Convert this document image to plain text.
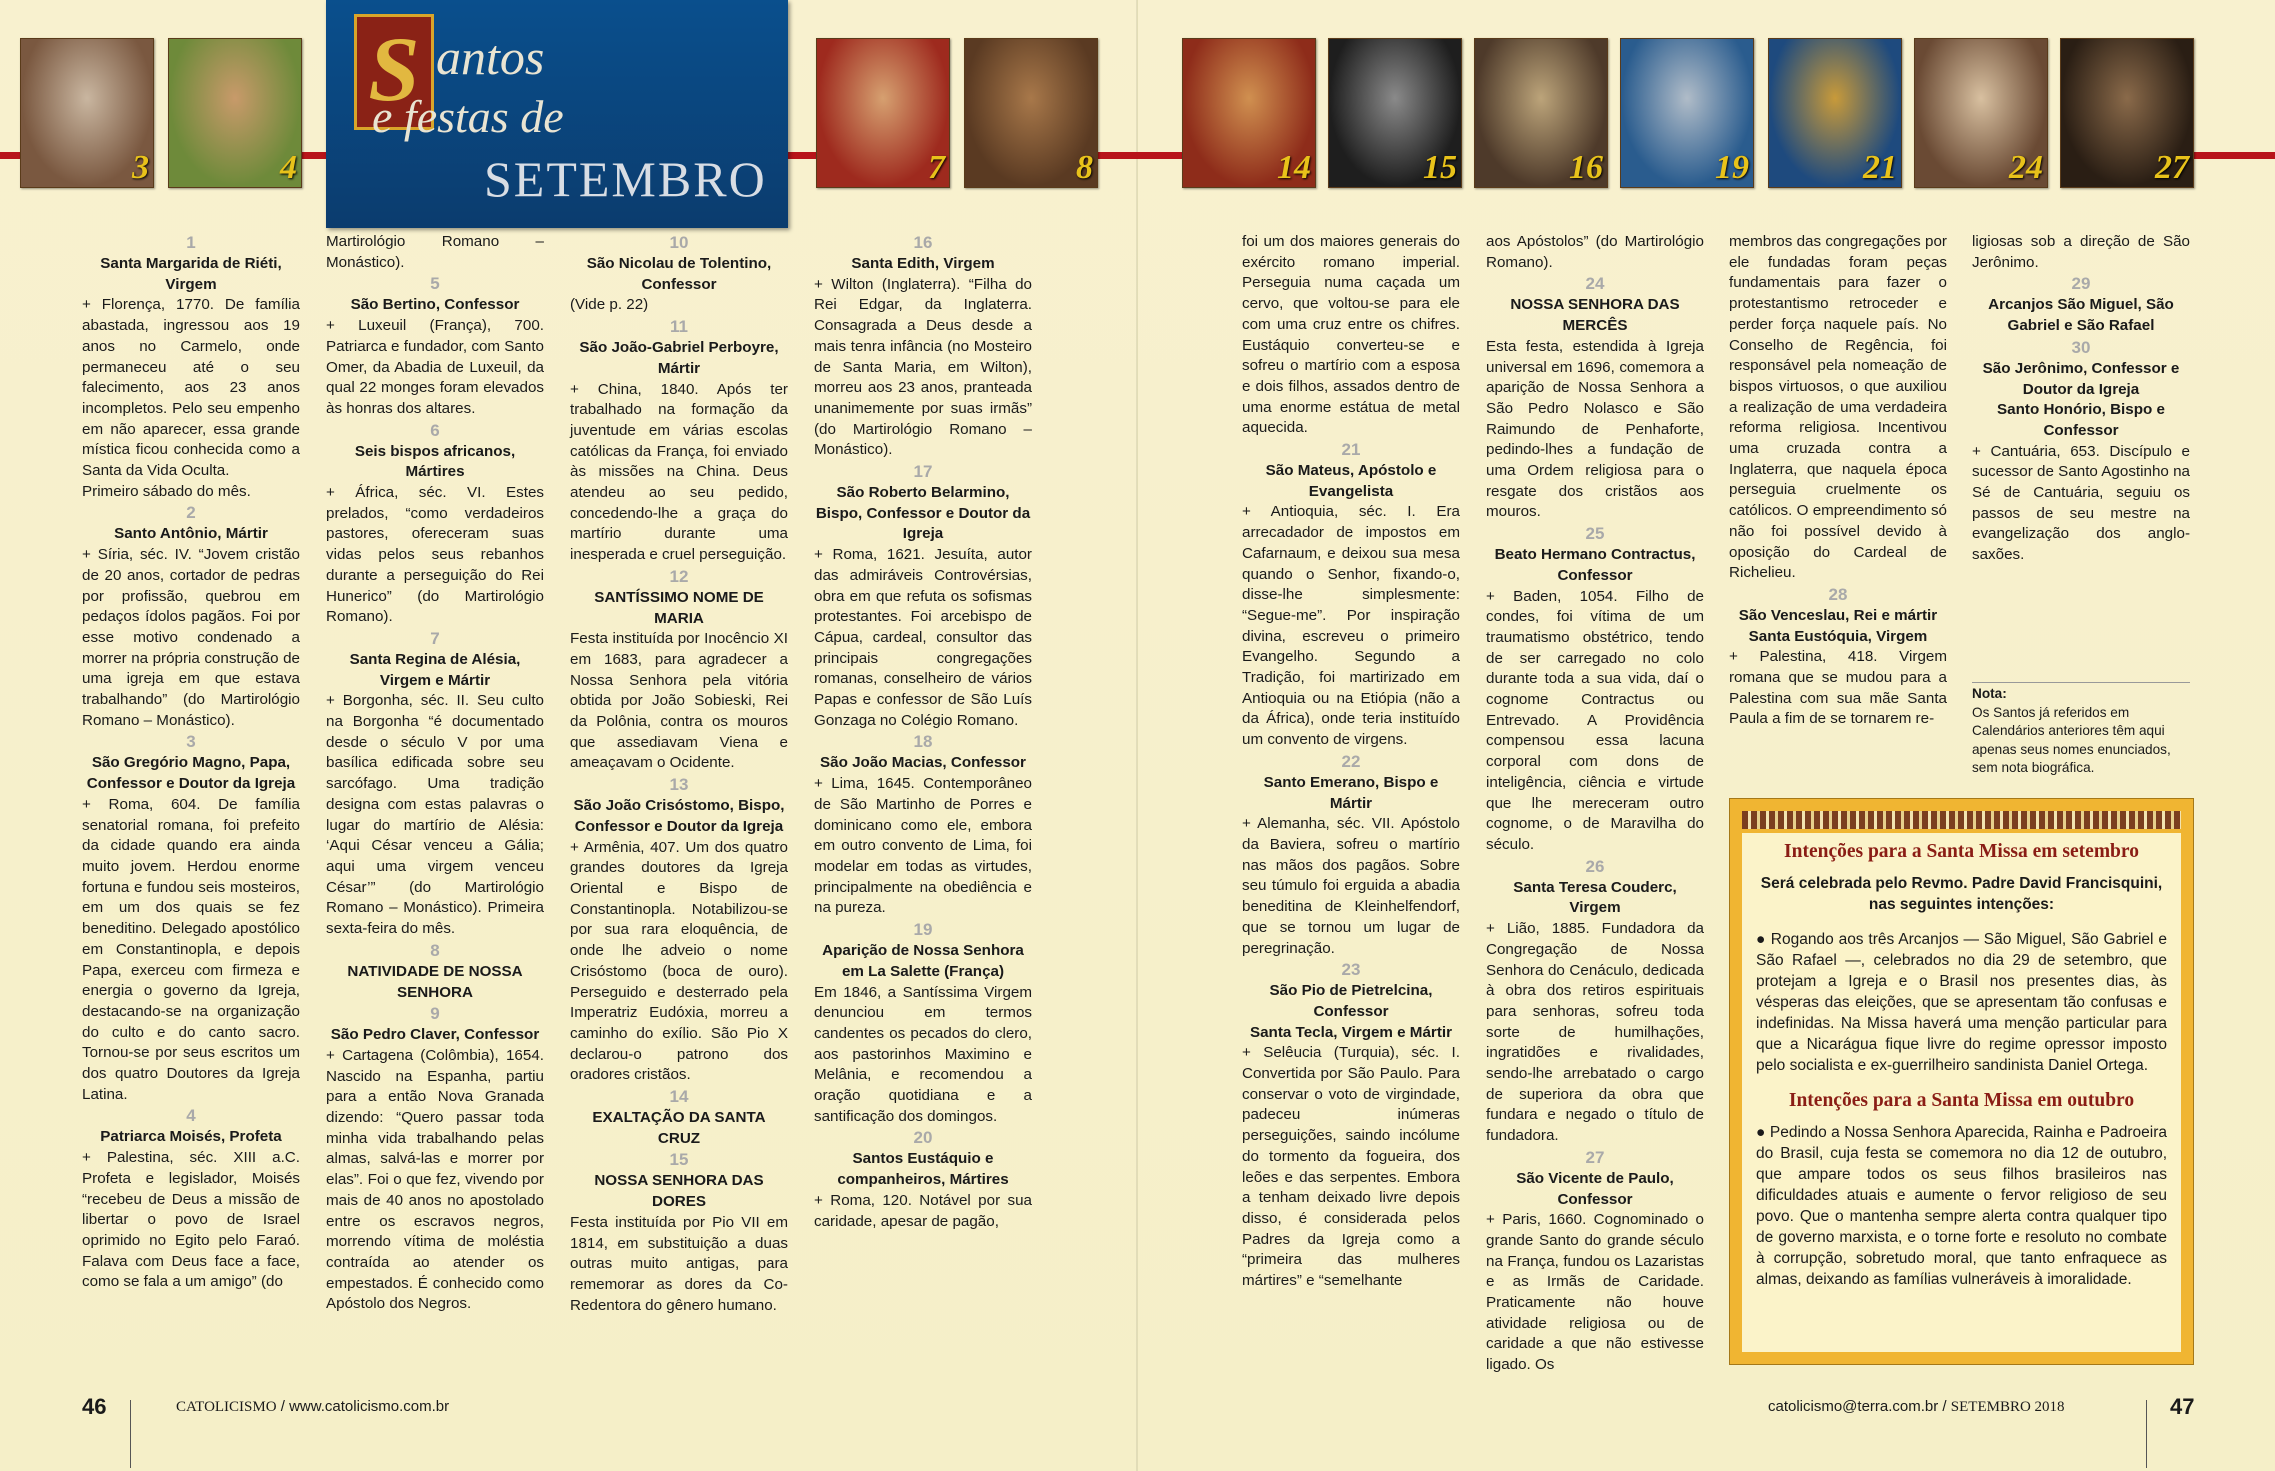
3	4	7	8	14	15	16	19	21	24	27
S antos
e festas de
SETEMBRO

1

Santa Margarida de Riéti, Virgem

+ Florença, 1770. De família abastada, ingressou aos 19 anos no Carmelo, onde permaneceu até o seu falecimento, aos 23 anos incompletos. Pelo seu empenho em não aparecer, essa grande mística ficou conhecida como a Santa da Vida Oculta.

Primeiro sábado do mês.

2

Santo Antônio, Mártir

+ Síria, séc. IV. “Jovem cristão de 20 anos, cortador de pedras por profissão, quebrou em pedaços ídolos pagãos. Foi por esse motivo condenado a morrer na própria construção de uma igreja em que estava trabalhando” (do Martirológio Romano – Monástico).

3

São Gregório Magno, Papa, Confessor e Doutor da Igreja

+ Roma, 604. De família senatorial romana, foi prefeito da cidade quando era ainda muito jovem. Herdou enorme fortuna e fundou seis mosteiros, em um dos quais se fez beneditino. Delegado apostólico em Constantinopla, e depois Papa, exerceu com firmeza e energia o governo da Igreja, destacando-se na organização do culto e do canto sacro. Tornou-se por seus escritos um dos quatro Doutores da Igreja Latina.

4

Patriarca Moisés, Profeta

+ Palestina, séc. XIII a.C. Profeta e legislador, Moisés “recebeu de Deus a missão de libertar o povo de Israel oprimido no Egito pelo Faraó. Falava com Deus face a face, como se fala a um amigo” (do

Martirológio Romano – Monástico).

5

São Bertino, Confessor

+ Luxeuil (França), 700. Patriarca e fundador, com Santo Omer, da Abadia de Luxeuil, da qual 22 monges foram elevados às honras dos altares.

6

Seis bispos africanos, Mártires

+ África, séc. VI. Estes prelados, “como verdadeiros pastores, ofereceram suas vidas pelos seus rebanhos durante a perseguição do Rei Hunerico” (do Martirológio Romano).

7

Santa Regina de Alésia, Virgem e Mártir

+ Borgonha, séc. II. Seu culto na Borgonha “é documentado desde o século V por uma basílica edificada sobre seu sarcófago. Uma tradição designa com estas palavras o lugar do martírio de Alésia: ‘Aqui César venceu a Gália; aqui uma virgem venceu César’” (do Martirológio Romano – Monástico). Primeira sexta-feira do mês.

8

NATIVIDADE DE NOSSA SENHORA

9

São Pedro Claver, Confessor

+ Cartagena (Colômbia), 1654. Nascido na Espanha, partiu para a então Nova Granada dizendo: “Quero passar toda minha vida trabalhando pelas almas, salvá-las e morrer por elas”. Foi o que fez, vivendo por mais de 40 anos no apostolado entre os escravos negros, morrendo vítima de moléstia contraída ao atender os empestados. É conhecido como Apóstolo dos Negros.

10

São Nicolau de Tolentino, Confessor

(Vide p. 22)

11

São João-Gabriel Perboyre, Mártir

+ China, 1840. Após ter trabalhado na formação da juventude em várias escolas católicas da França, foi enviado às missões na China. Deus atendeu ao seu pedido, concedendo-lhe a graça do martírio durante uma inesperada e cruel perseguição.

12

SANTÍSSIMO NOME DE MARIA

Festa instituída por Inocêncio XI em 1683, para agradecer a Nossa Senhora pela vitória obtida por João Sobieski, Rei da Polônia, contra os mouros que assediavam Viena e ameaçavam o Ocidente.

13

São João Crisóstomo, Bispo, Confessor e Doutor da Igreja

+ Armênia, 407. Um dos quatro grandes doutores da Igreja Oriental e Bispo de Constantinopla. Notabilizou-se por sua rara eloquência, de onde lhe adveio o nome Crisóstomo (boca de ouro). Perseguido e desterrado pela Imperatriz Eudóxia, morreu a caminho do exílio. São Pio X declarou-o patrono dos oradores cristãos.

14

EXALTAÇÃO DA SANTA CRUZ

15

NOSSA SENHORA DAS DORES

Festa instituída por Pio VII em 1814, em substituição a duas outras muito antigas, para rememorar as dores da Co-Redentora do gênero humano.

16

Santa Edith, Virgem

+ Wilton (Inglaterra). “Filha do Rei Edgar, da Inglaterra. Consagrada a Deus desde a mais tenra infância (no Mosteiro de Santa Maria, em Wilton), morreu aos 23 anos, prantеada unanimemente por suas irmãs” (do Martirológio Romano – Monástico).

17

São Roberto Belarmino, Bispo, Confessor e Doutor da Igreja

+ Roma, 1621. Jesuíta, autor das admiráveis Controvérsias, obra em que refuta os sofismas protestantes. Foi arcebispo de Cápua, cardeal, consultor das principais congregações romanas, conselheiro de vários Papas e confessor de São Luís Gonzaga no Colégio Romano.

18

São João Macias, Confessor

+ Lima, 1645. Contemporâneo de São Martinho de Porres e dominicano como ele, embora em outro convento de Lima, foi modelar em todas as virtudes, principalmente na obediência e na pureza.

19

Aparição de Nossa Senhora em La Salette (França)

Em 1846, a Santíssima Virgem denunciou em termos candentes os pecados do clero, aos pastorinhos Maximino e Melânia, e recomendou a oração quotidiana e a santificação dos domingos.

20

Santos Eustáquio e companheiros, Mártires

+ Roma, 120. Notável por sua caridade, apesar de pagão,

foi um dos maiores generais do exército romano imperial. Perseguia numa caçada um cervo, que voltou-se para ele com uma cruz entre os chifres. Eustáquio converteu-se e sofreu o martírio com a esposa e dois filhos, assados dentro de uma enorme estátua de metal aquecida.

21

São Mateus, Apóstolo e Evangelista

+ Antioquia, séc. I. Era arrecadador de impostos em Cafarnaum, e deixou sua mesa quando o Senhor, fixando-o, disse-lhe simplesmente: “Segue-me”. Por inspiração divina, escreveu o primeiro Evangelho. Segundo a Tradição, foi martirizado em Antioquia ou na Etiópia (não a da África), onde teria instituído um convento de virgens.

22

Santo Emerano, Bispo e Mártir

+ Alemanha, séc. VII. Apóstolo da Baviera, sofreu o martírio nas mãos dos pagãos. Sobre seu túmulo foi erguida a abadia beneditina de Kleinhelfendorf, que se tornou um lugar de peregrinação.

23

São Pio de Pietrelcina, Confessor

Santa Tecla, Virgem e Mártir

+ Selêucia (Turquia), séc. I. Convertida por São Paulo. Para conservar o voto de virgindade, padeceu inúmeras perseguições, saindo incólume do tormento da fogueira, dos leões e das serpentes. Embora a tenham deixado livre depois disso, é considerada pelos Padres da Igreja como a “primeira das mulheres mártires” e “semelhante

aos Apóstolos” (do Martirológio Romano).

24

NOSSA SENHORA DAS MERCÊS

Esta festa, estendida à Igreja universal em 1696, comemora a aparição de Nossa Senhora a São Pedro Nolasco e São Raimundo de Penhaforte, pedindo-lhes a fundação de uma Ordem religiosa para o resgate dos cristãos aos mouros.

25

Beato Hermano Contractus, Confessor

+ Baden, 1054. Filho de condes, foi vítima de um traumatismo obstétrico, tendo de ser carregado no colo durante toda a sua vida, daí o cognome Contractus ou Entrevado. A Providência compensou essa lacuna corporal com dons de inteligência, ciência e virtude que lhe mereceram outro cognome, o de Maravilha do século.

26

Santa Teresa Couderc, Virgem

+ Lião, 1885. Fundadora da Congregação de Nossa Senhora do Cenáculo, dedicada à obra dos retiros espirituais para senhoras, sofreu toda sorte de humilhações, ingratidões e rivalidades, sendo-lhe arrebatado o cargo de superiora da obra que fundara e negado o título de fundadora.

27

São Vicente de Paulo, Confessor

+ Paris, 1660. Cognominado o grande Santo do grande século na França, fundou os Lazaristas e as Irmãs de Caridade. Praticamente não houve atividade religiosa ou de caridade a que não estivesse ligado. Os

membros das congregações por ele fundadas foram peças fundamentais para fazer o protestantismo retroceder e perder força naquele país. No Conselho de Regência, foi responsável pela nomeação de bispos virtuosos, o que auxiliou a realização de uma verdadeira reforma religiosa. Incentivou uma cruzada contra a Inglaterra, que naquela época perseguia cruelmente os católicos. O empreendimento só não foi possível devido à oposição do Cardeal de Richelieu.

28

São Venceslau, Rei e mártir

Santa Eustóquia, Virgem

+ Palestina, 418. Virgem romana que se mudou para a Palestina com sua mãe Santa Paula a fim de se tornarem re-

ligiosas sob a direção de São Jerônimo.

29

Arcanjos São Miguel, São Gabriel e São Rafael

30

São Jerônimo, Confessor e Doutor da Igreja

Santo Honório, Bispo e Confessor

+ Cantuária, 653. Discípulo e sucessor de Santo Agostinho na Sé de Cantuária, seguiu os passos de seu mestre na evangelização dos anglo-saxões.

Nota:
Os Santos já referidos em Calendários anteriores têm aqui apenas seus nomes enunciados, sem nota biográfica.
Intenções para a Santa Missa em setembro
Será celebrada pelo Revmo. Padre David Francisquini, nas seguintes intenções:
● Rogando aos três Arcanjos — São Miguel, São Gabriel e São Rafael —, celebrados no dia 29 de setembro, que protejam a Igreja e o Brasil nos presentes dias, às vésperas das eleições, que se apresentam tão confusas e indefinidas. Na Missa haverá uma menção particular para que a Nicarágua fique livre do regime opressor imposto pelo socialista e ex-guerrilheiro sandinista Daniel Ortega.
Intenções para a Santa Missa em outubro
● Pedindo a Nossa Senhora Aparecida, Rainha e Padroeira do Brasil, cuja festa se comemora no dia 12 de outubro, que ampare todos os seus filhos brasileiros nas dificuldades atuais e aumente o fervor religioso de seu povo. Que o mantenha sempre alerta contra qualquer tipo de governo marxista, e o torne forte e resoluto no combate à corrupção, sobretudo moral, que tanto enfraquece as almas, deixando as famílias vulneráveis à imoralidade.
46	CATOLICISMO / www.catolicismo.com.br	catolicismo@terra.com.br / SETEMBRO 2018	47
